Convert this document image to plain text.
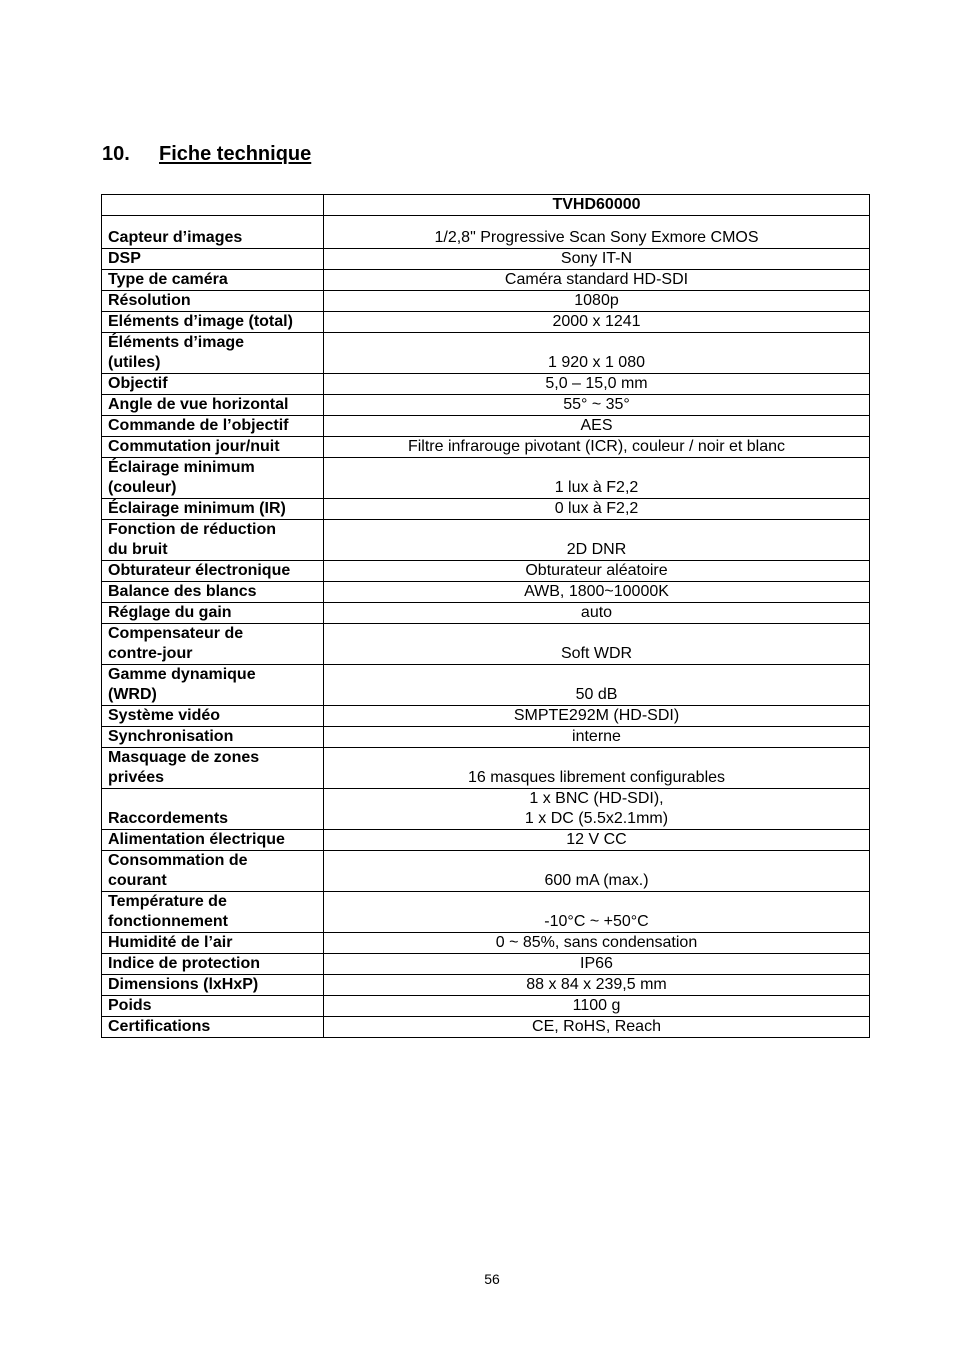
10. Fiche technique
	TVHD60000
Capteur d’images	1/2,8" Progressive Scan Sony Exmore CMOS
DSP	Sony IT-N
Type de caméra	Caméra standard HD-SDI
Résolution	1080p
Eléments d’image (total)	2000 x 1241
Éléments d’image
(utiles)	1 920 x 1 080
Objectif	5,0 – 15,0 mm
Angle de vue horizontal	55° ~ 35°
Commande de l’objectif	AES
Commutation jour/nuit	Filtre infrarouge pivotant (ICR), couleur / noir et blanc
Éclairage minimum
(couleur)	1 lux à F2,2
Éclairage minimum (IR)	0 lux à F2,2
Fonction de réduction
du bruit	2D DNR
Obturateur électronique	Obturateur aléatoire
Balance des blancs	AWB, 1800~10000K
Réglage du gain	auto
Compensateur de
contre-jour	Soft WDR
Gamme dynamique
(WRD)	50 dB
Système vidéo	SMPTE292M (HD-SDI)
Synchronisation	interne
Masquage de zones
privées	16 masques librement configurables
Raccordements	1 x BNC (HD-SDI),
1 x DC (5.5x2.1mm)
Alimentation électrique	12 V CC
Consommation de
courant	600 mA (max.)
Température de
fonctionnement	-10°C ~ +50°C
Humidité de l’air	0 ~ 85%, sans condensation
Indice de protection	IP66
Dimensions (lxHxP)	88 x 84 x 239,5 mm
Poids	1100 g
Certifications	CE, RoHS, Reach
56
